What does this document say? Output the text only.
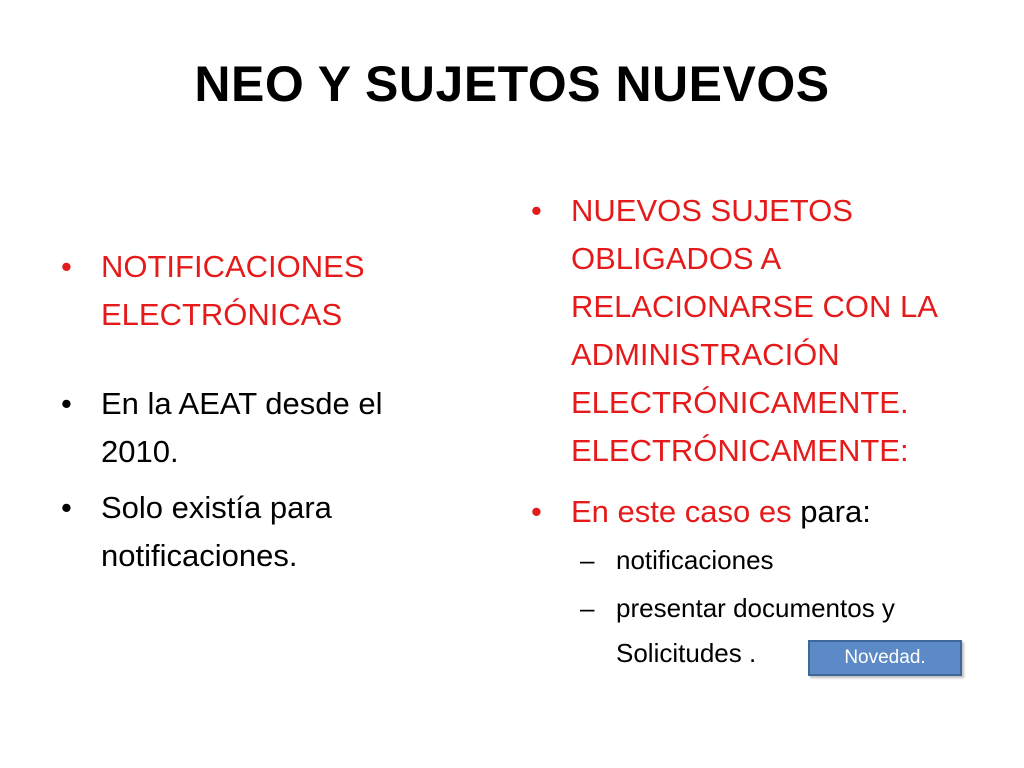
NEO Y SUJETOS NUEVOS
• NOTIFICACIONES
ELECTRÓNICAS
• En la AEAT desde el
2010.
• Solo existía para
notificaciones.
• NUEVOS SUJETOS
OBLIGADOS A
RELACIONARSE CON LA
ADMINISTRACIÓN
ELECTRÓNICAMENTE.
ELECTRÓNICAMENTE:
• En este caso es para:
– notificaciones
– presentar documentos y
Solicitudes .	Novedad.
